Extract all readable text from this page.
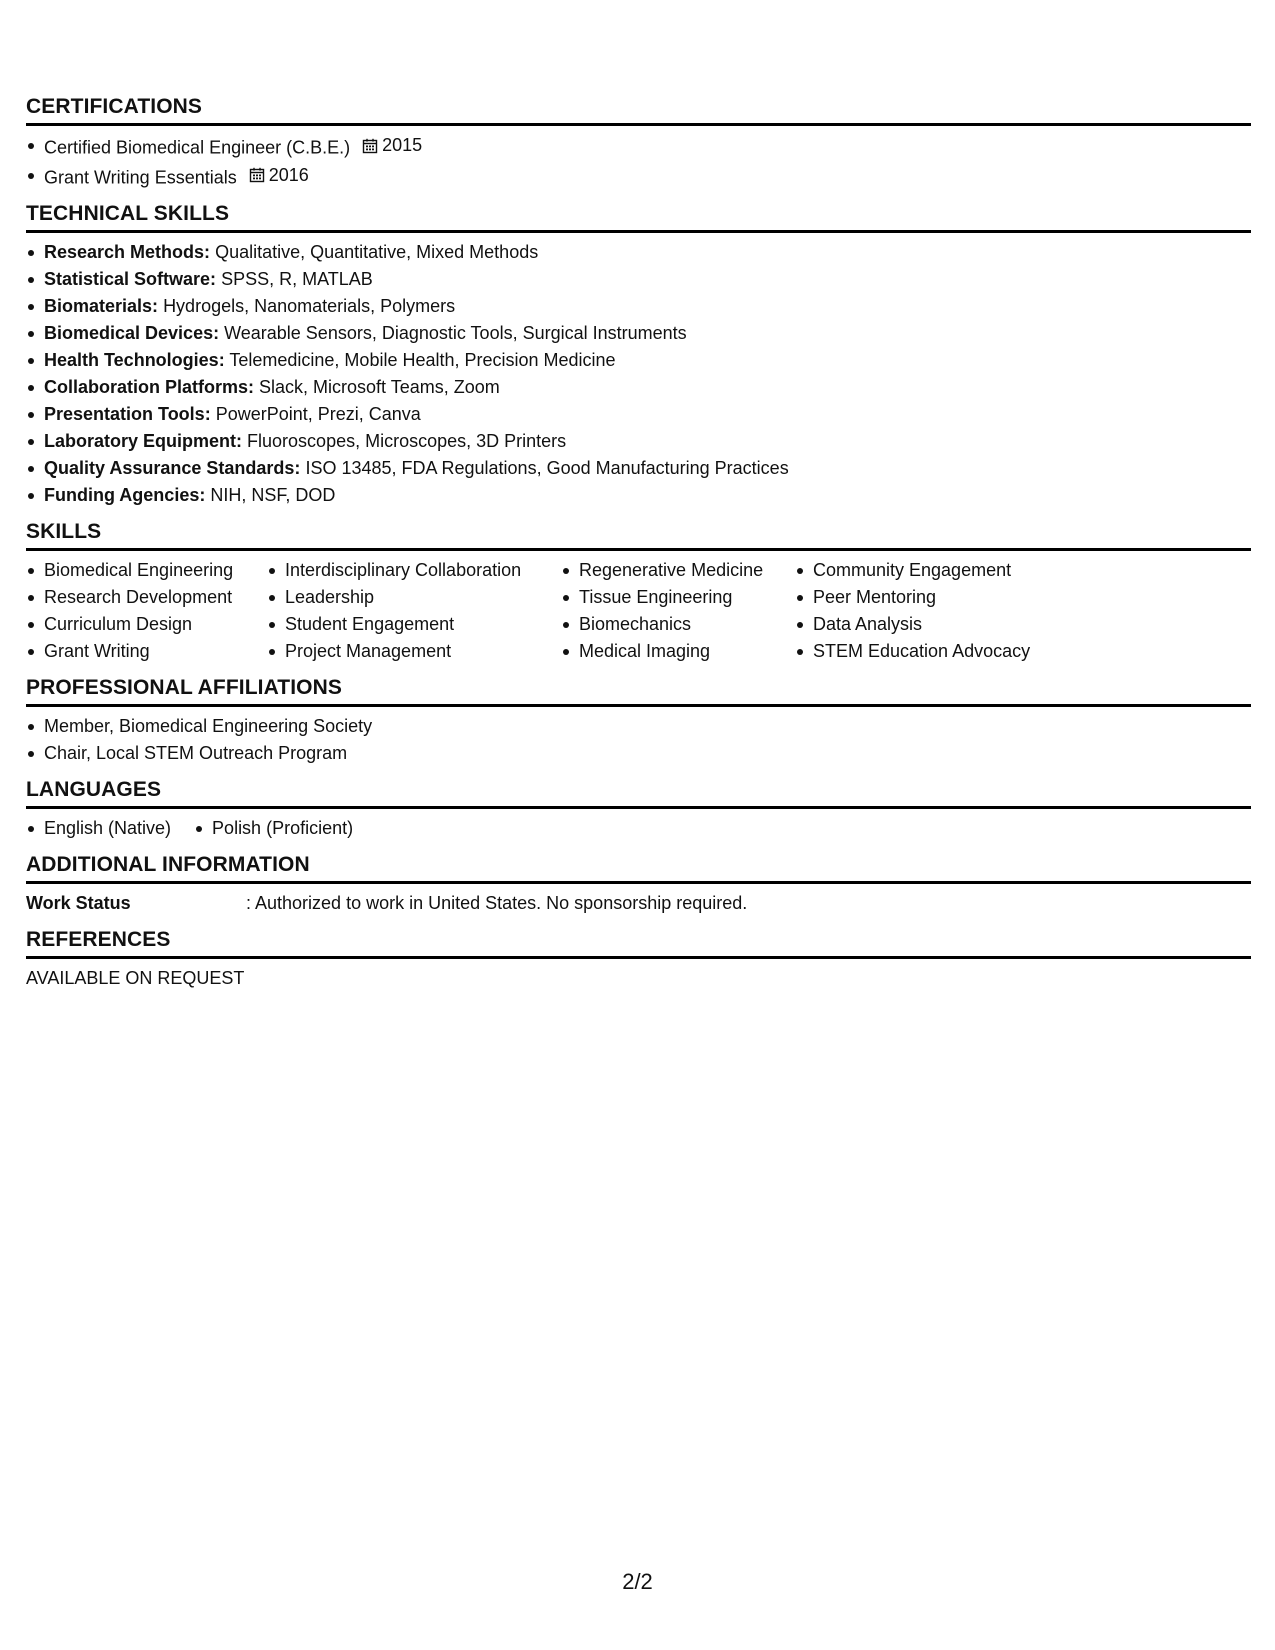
CERTIFICATIONS
Certified Biomedical Engineer (C.B.E.) 2015
Grant Writing Essentials 2016
TECHNICAL SKILLS
Research Methods: Qualitative, Quantitative, Mixed Methods
Statistical Software: SPSS, R, MATLAB
Biomaterials: Hydrogels, Nanomaterials, Polymers
Biomedical Devices: Wearable Sensors, Diagnostic Tools, Surgical Instruments
Health Technologies: Telemedicine, Mobile Health, Precision Medicine
Collaboration Platforms: Slack, Microsoft Teams, Zoom
Presentation Tools: PowerPoint, Prezi, Canva
Laboratory Equipment: Fluoroscopes, Microscopes, 3D Printers
Quality Assurance Standards: ISO 13485, FDA Regulations, Good Manufacturing Practices
Funding Agencies: NIH, NSF, DOD
SKILLS
Biomedical Engineering
Research Development
Curriculum Design
Grant Writing
Interdisciplinary Collaboration
Leadership
Student Engagement
Project Management
Regenerative Medicine
Tissue Engineering
Biomechanics
Medical Imaging
Community Engagement
Peer Mentoring
Data Analysis
STEM Education Advocacy
PROFESSIONAL AFFILIATIONS
Member, Biomedical Engineering Society
Chair, Local STEM Outreach Program
LANGUAGES
English (Native)	Polish (Proficient)
ADDITIONAL INFORMATION
Work Status	: Authorized to work in United States. No sponsorship required.
REFERENCES
AVAILABLE ON REQUEST
2/2
